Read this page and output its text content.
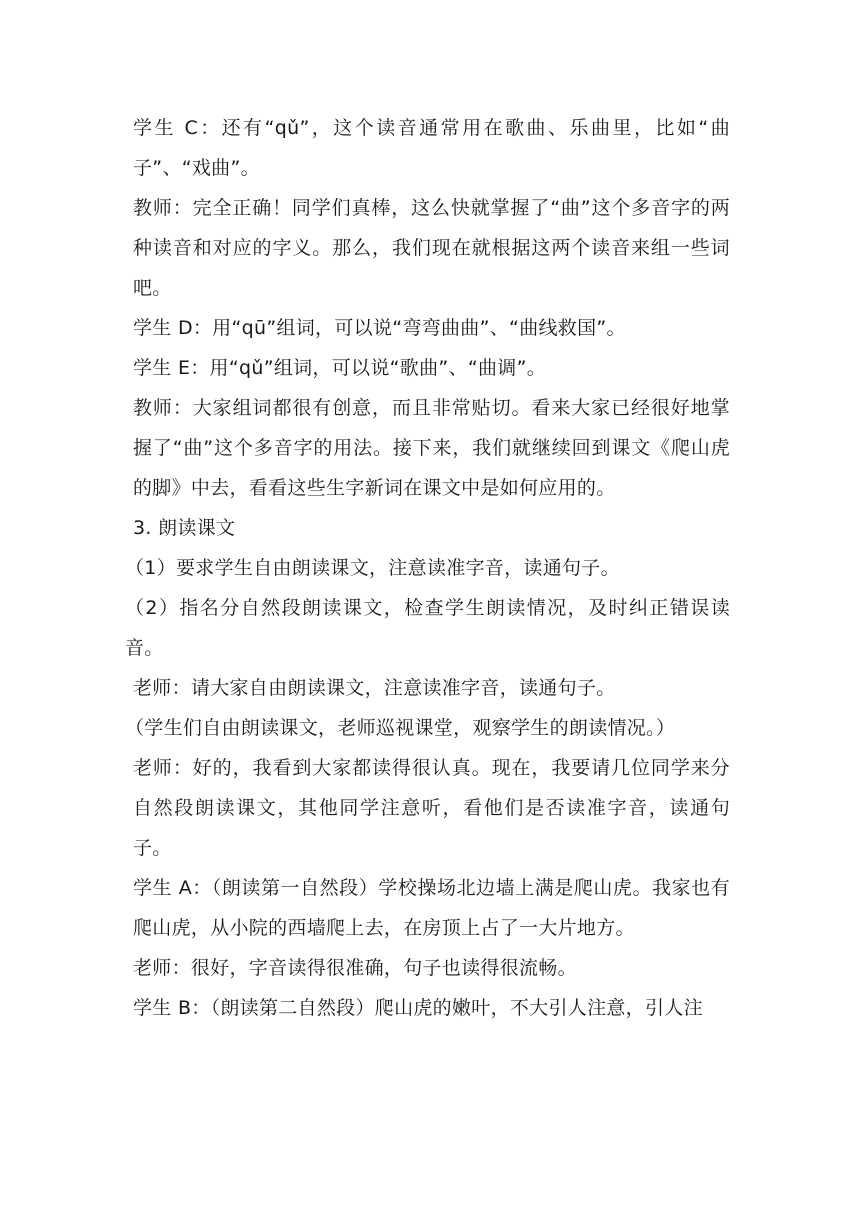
学生 C：还有“qǔ”，这个读音通常用在歌曲、乐曲里，比如“曲子”、“戏曲”。

教师：完全正确！同学们真棒，这么快就掌握了“曲”这个多音字的两种读音和对应的字义。那么，我们现在就根据这两个读音来组一些词吧。

学生 D：用“qū”组词，可以说“弯弯曲曲”、“曲线救国”。

学生 E：用“qǔ”组词，可以说“歌曲”、“曲调”。

教师：大家组词都很有创意，而且非常贴切。看来大家已经很好地掌握了“曲”这个多音字的用法。接下来，我们就继续回到课文《爬山虎的脚》中去，看看这些生字新词在课文中是如何应用的。

3. 朗读课文

（1）要求学生自由朗读课文，注意读准字音，读通句子。

（2）指名分自然段朗读课文，检查学生朗读情况，及时纠正错误读音。

老师：请大家自由朗读课文，注意读准字音，读通句子。

（学生们自由朗读课文，老师巡视课堂，观察学生的朗读情况。）

老师：好的，我看到大家都读得很认真。现在，我要请几位同学来分自然段朗读课文，其他同学注意听，看他们是否读准字音，读通句子。

学生 A：（朗读第一自然段）学校操场北边墙上满是爬山虎。我家也有爬山虎，从小院的西墙爬上去，在房顶上占了一大片地方。

老师：很好，字音读得很准确，句子也读得很流畅。

学生 B：（朗读第二自然段）爬山虎的嫩叶，不大引人注意，引人注
